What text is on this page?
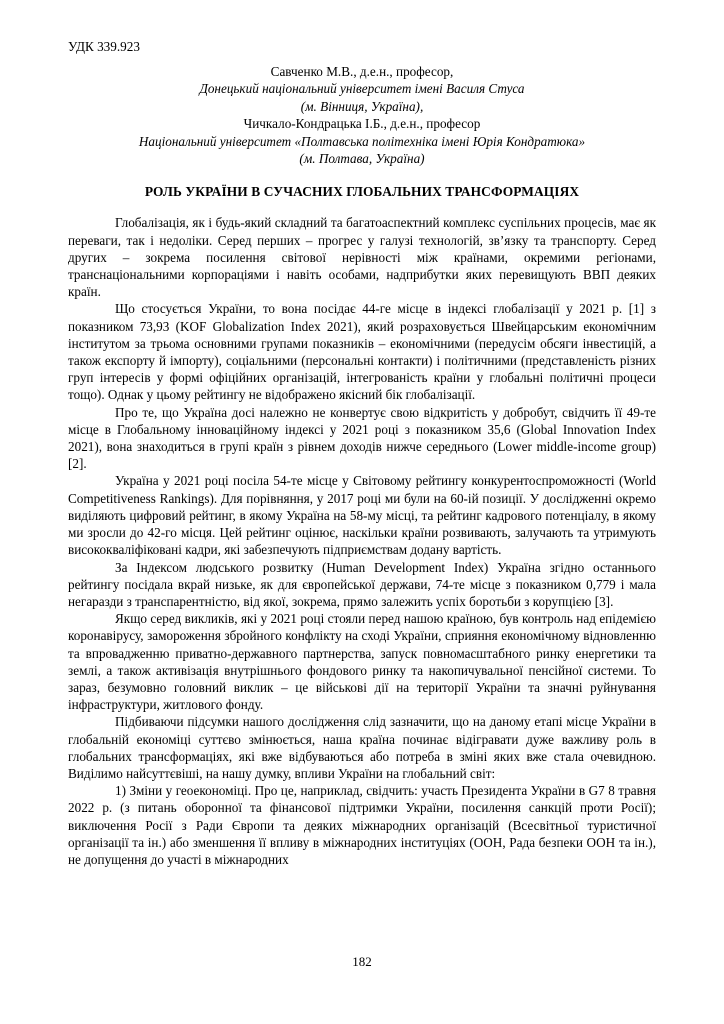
УДК 339.923

Савченко М.В., д.е.н., професор,
Донецький національний університет імені Василя Стуса
(м. Вінниця, Україна),
Чичкало-Кондрацька І.Б., д.е.н., професор
Національний університет «Полтавська політехніка імені Юрія Кондратюка»
(м. Полтава, Україна)
РОЛЬ УКРАЇНИ В СУЧАСНИХ ГЛОБАЛЬНИХ ТРАНСФОРМАЦІЯХ

Глобалізація, як і будь-який складний та багатоаспектний комплекс суспільних процесів, має як переваги, так і недоліки. Серед перших – прогрес у галузі технологій, зв’язку та транспорту. Серед других – зокрема посилення світової нерівності між країнами, окремими регіонами, транснаціональними корпораціями і навіть особами, надприбутки яких перевищують ВВП деяких країн.

Що стосується України, то вона посідає 44-ге місце в індексі глобалізації у 2021 р. [1] з показником 73,93 (KOF Globalization Index 2021), який розраховується Швейцарським економічним інститутом за трьома основними групами показників – економічними (передусім обсяги інвестицій, а також експорту й імпорту), соціальними (персональні контакти) і політичними (представленість різних груп інтересів у формі офіційних організацій, інтегрованість країни у глобальні політичні процеси тощо). Однак у цьому рейтингу не відображено якісний бік глобалізації.

Про те, що Україна досі належно не конвертує свою відкритість у добробут, свідчить її 49-те місце в Глобальному інноваційному індексі у 2021 році з показником 35,6 (Global Innovation Index 2021), вона знаходиться в групі країн з рівнем доходів нижче середнього (Lower middle-income group) [2].

Україна у 2021 році посіла 54-те місце у Світовому рейтингу конкурентоспроможності (World Competitiveness Rankings). Для порівняння, у 2017 році ми були на 60-ій позиції. У дослідженні окремо виділяють цифровий рейтинг, в якому Україна на 58-му місці, та рейтинг кадрового потенціалу, в якому ми зросли до 42-го місця. Цей рейтинг оцінює, наскільки країни розвивають, залучають та утримують висококваліфіковані кадри, які забезпечують підприємствам додану вартість.

За Індексом людського розвитку (Human Development Index) Україна згідно останнього рейтингу посідала вкрай низьке, як для європейської держави, 74-те місце з показником 0,779 і мала негаразди з транспарентністю, від якої, зокрема, прямо залежить успіх боротьби з корупцією [3].

Якщо серед викликів, які у 2021 році стояли перед нашою країною, був контроль над епідемією коронавірусу, замороження збройного конфлікту на сході України, сприяння економічному відновленню та впровадженню приватно-державного партнерства, запуск повномасштабного ринку енергетики та землі, а також активізація внутрішнього фондового ринку та накопичувальної пенсійної системи. То зараз, безумовно головний виклик – це військові дії на території України та значні руйнування інфраструктури, житлового фонду.

Підбиваючи підсумки нашого дослідження слід зазначити, що на даному етапі місце України в глобальній економіці суттєво змінюється, наша країна починає відігравати дуже важливу роль в глобальних трансформаціях, які вже відбуваються або потреба в зміні яких вже стала очевидною. Виділимо найсуттєвіші, на нашу думку, впливи України на глобальний світ:

1) Зміни у геоекономіці. Про це, наприклад, свідчить: участь Президента України в G7 8 травня 2022 р. (з питань оборонної та фінансової підтримки України, посилення санкцій проти Росії); виключення Росії з Ради Європи та деяких міжнародних організацій (Всесвітньої туристичної організації та ін.) або зменшення її впливу в міжнародних інституціях (ООН, Рада безпеки ООН та ін.), не допущення до участі в міжнародних

182
